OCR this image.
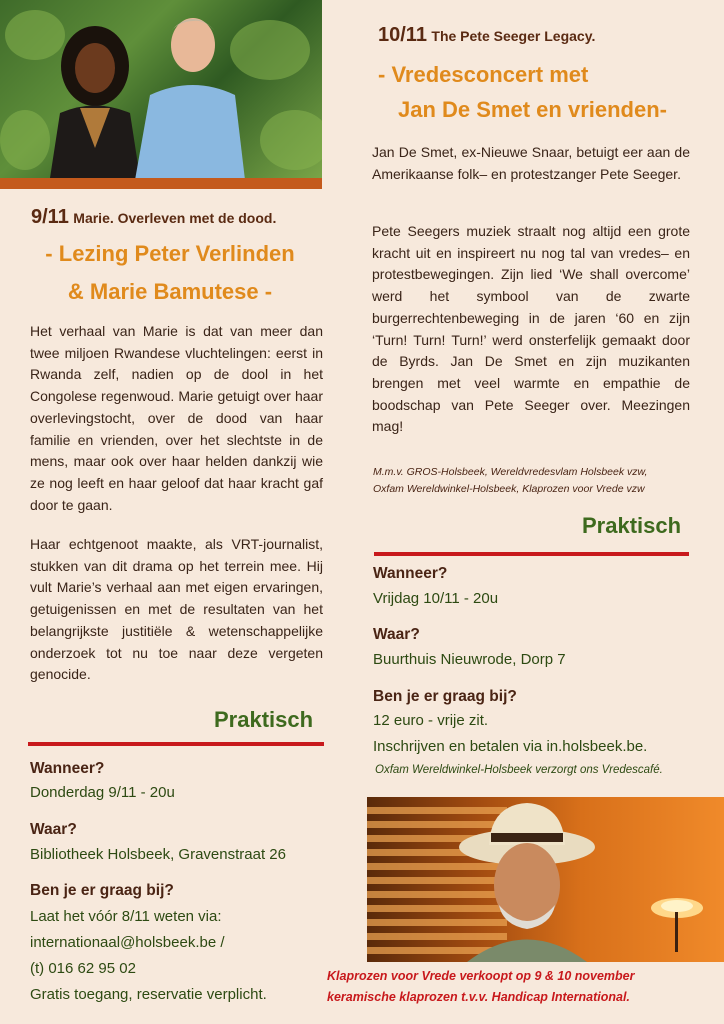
9/11 Marie. Overleven met de dood.
- Lezing Peter Verlinden
& Marie Bamutese -
Het verhaal van Marie is dat van meer dan twee miljoen Rwandese vluchtelingen: eerst in Rwanda zelf, nadien op de dool in het Congolese regenwoud. Marie getuigt over haar overlevingstocht, over de dood van haar familie en vrienden, over het slechtste in de mens, maar ook over haar helden dankzij wie ze nog leeft en haar geloof dat haar kracht gaf door te gaan.
Haar echtgenoot maakte, als VRT-journalist, stukken van dit drama op het terrein mee. Hij vult Marie’s verhaal aan met eigen ervaringen, getuigenissen en met de resultaten van het belangrijkste justitiële & wetenschappelijke onderzoek tot nu toe naar deze vergeten genocide.
Praktisch
Wanneer?
Donderdag 9/11 - 20u
Waar?
Bibliotheek Holsbeek, Gravenstraat 26
Ben je er graag bij?
Laat het vóór 8/11 weten via:
internationaal@holsbeek.be /
(t) 016 62 95 02
Gratis toegang, reservatie verplicht.
10/11 The Pete Seeger Legacy.
- Vredesconcert met
Jan De Smet en vrienden-
Jan De Smet, ex-Nieuwe Snaar, betuigt eer aan de Amerikaanse folk– en protestzanger Pete Seeger.
Pete Seegers muziek straalt nog altijd een grote kracht uit en inspireert nu nog tal van vredes– en protestbewegingen. Zijn lied ‘We shall overcome’ werd het symbool van de zwarte burgerrechtenbeweging in de jaren ‘60 en zijn ‘Turn! Turn! Turn!’ werd onsterfelijk gemaakt door de Byrds. Jan De Smet en zijn muzikanten brengen met veel warmte en empathie de boodschap van Pete Seeger over. Meezingen mag!
M.m.v. GROS-Holsbeek, Wereldvredesvlam Holsbeek vzw,
Oxfam Wereldwinkel-Holsbeek, Klaprozen voor Vrede vzw
Praktisch
Wanneer?
Vrijdag 10/11 - 20u
Waar?
Buurthuis Nieuwrode, Dorp 7
Ben je er graag bij?
12 euro - vrije zit.
Inschrijven en betalen via in.holsbeek.be.
Oxfam Wereldwinkel-Holsbeek verzorgt ons Vredescafé.
Klaprozen voor Vrede verkoopt op 9 & 10 november
keramische klaprozen t.v.v. Handicap International.
